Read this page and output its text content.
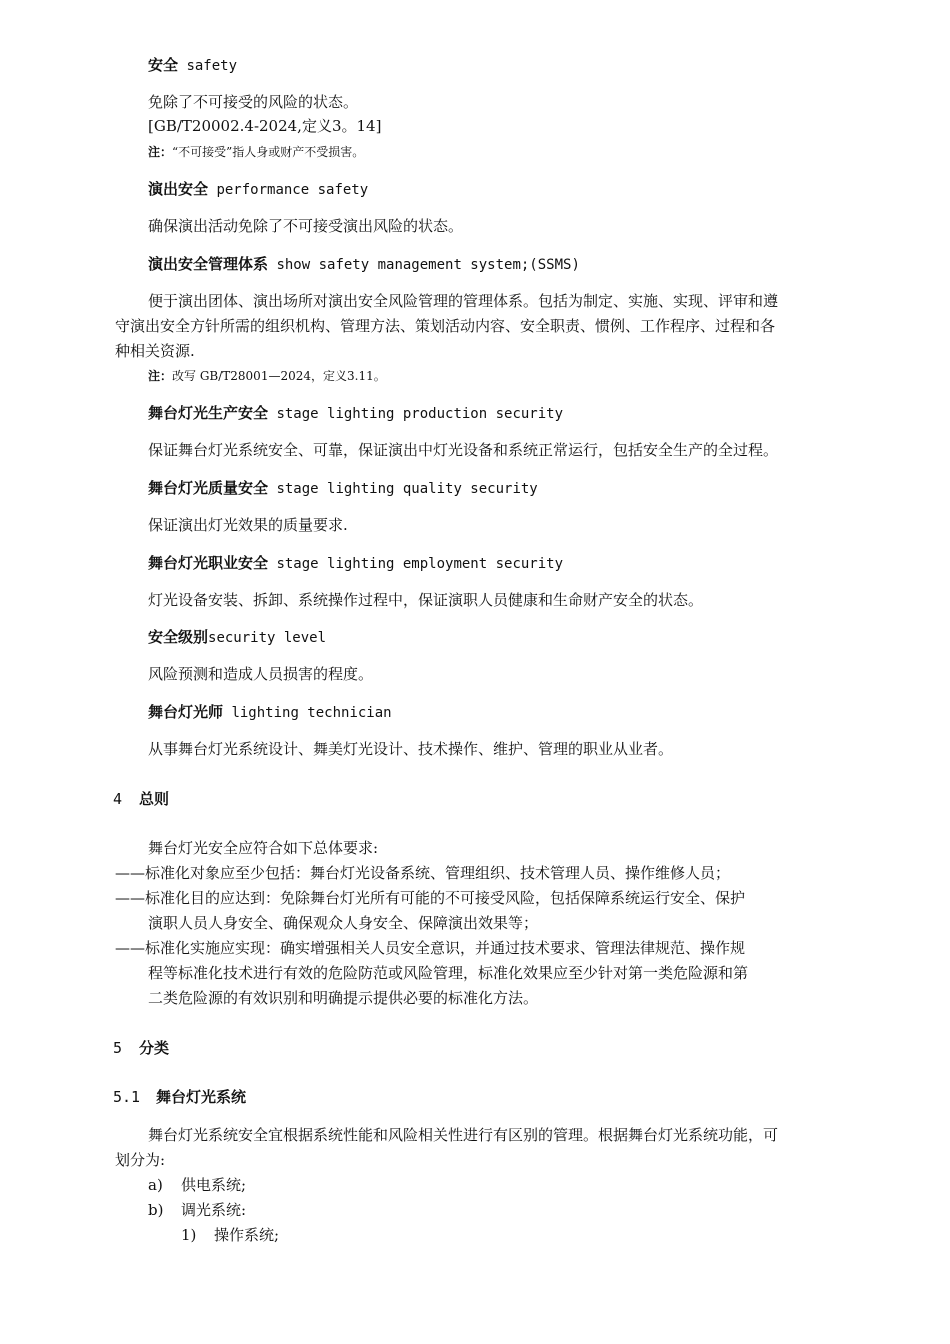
安全 safety
免除了不可接受的风险的状态。
[GB/T20002.4-2024,定义3。14]
注：“不可接受”指人身或财产不受损害。
演出安全 performance safety
确保演出活动免除了不可接受演出风险的状态。
演出安全管理体系 show safety management system;(SSMS)
便于演出团体、演出场所对演出安全风险管理的管理体系。包括为制定、实施、实现、评审和遵
守演出安全方针所需的组织机构、管理方法、策划活动内容、安全职责、惯例、工作程序、过程和各
种相关资源.
注：改写 GB/T28001—2024，定义3.11。
舞台灯光生产安全 stage lighting production security
保证舞台灯光系统安全、可靠，保证演出中灯光设备和系统正常运行，包括安全生产的全过程。
舞台灯光质量安全 stage lighting quality security
保证演出灯光效果的质量要求.
舞台灯光职业安全 stage lighting employment security
灯光设备安装、拆卸、系统操作过程中，保证演职人员健康和生命财产安全的状态。
安全级别security level
风险预测和造成人员损害的程度。
舞台灯光师 lighting technician
从事舞台灯光系统设计、舞美灯光设计、技术操作、维护、管理的职业从业者。
4 总则
舞台灯光安全应符合如下总体要求:
——标准化对象应至少包括：舞台灯光设备系统、管理组织、技术管理人员、操作维修人员；
——标准化目的应达到：免除舞台灯光所有可能的不可接受风险，包括保障系统运行安全、保护
演职人员人身安全、确保观众人身安全、保障演出效果等；
——标准化实施应实现：确实增强相关人员安全意识，并通过技术要求、管理法律规范、操作规
程等标准化技术进行有效的危险防范或风险管理，标准化效果应至少针对第一类危险源和第
二类危险源的有效识别和明确提示提供必要的标准化方法。
5 分类
5.1 舞台灯光系统
舞台灯光系统安全宜根据系统性能和风险相关性进行有区别的管理。根据舞台灯光系统功能，可
划分为:
a) 供电系统;
b) 调光系统:
1) 操作系统;
